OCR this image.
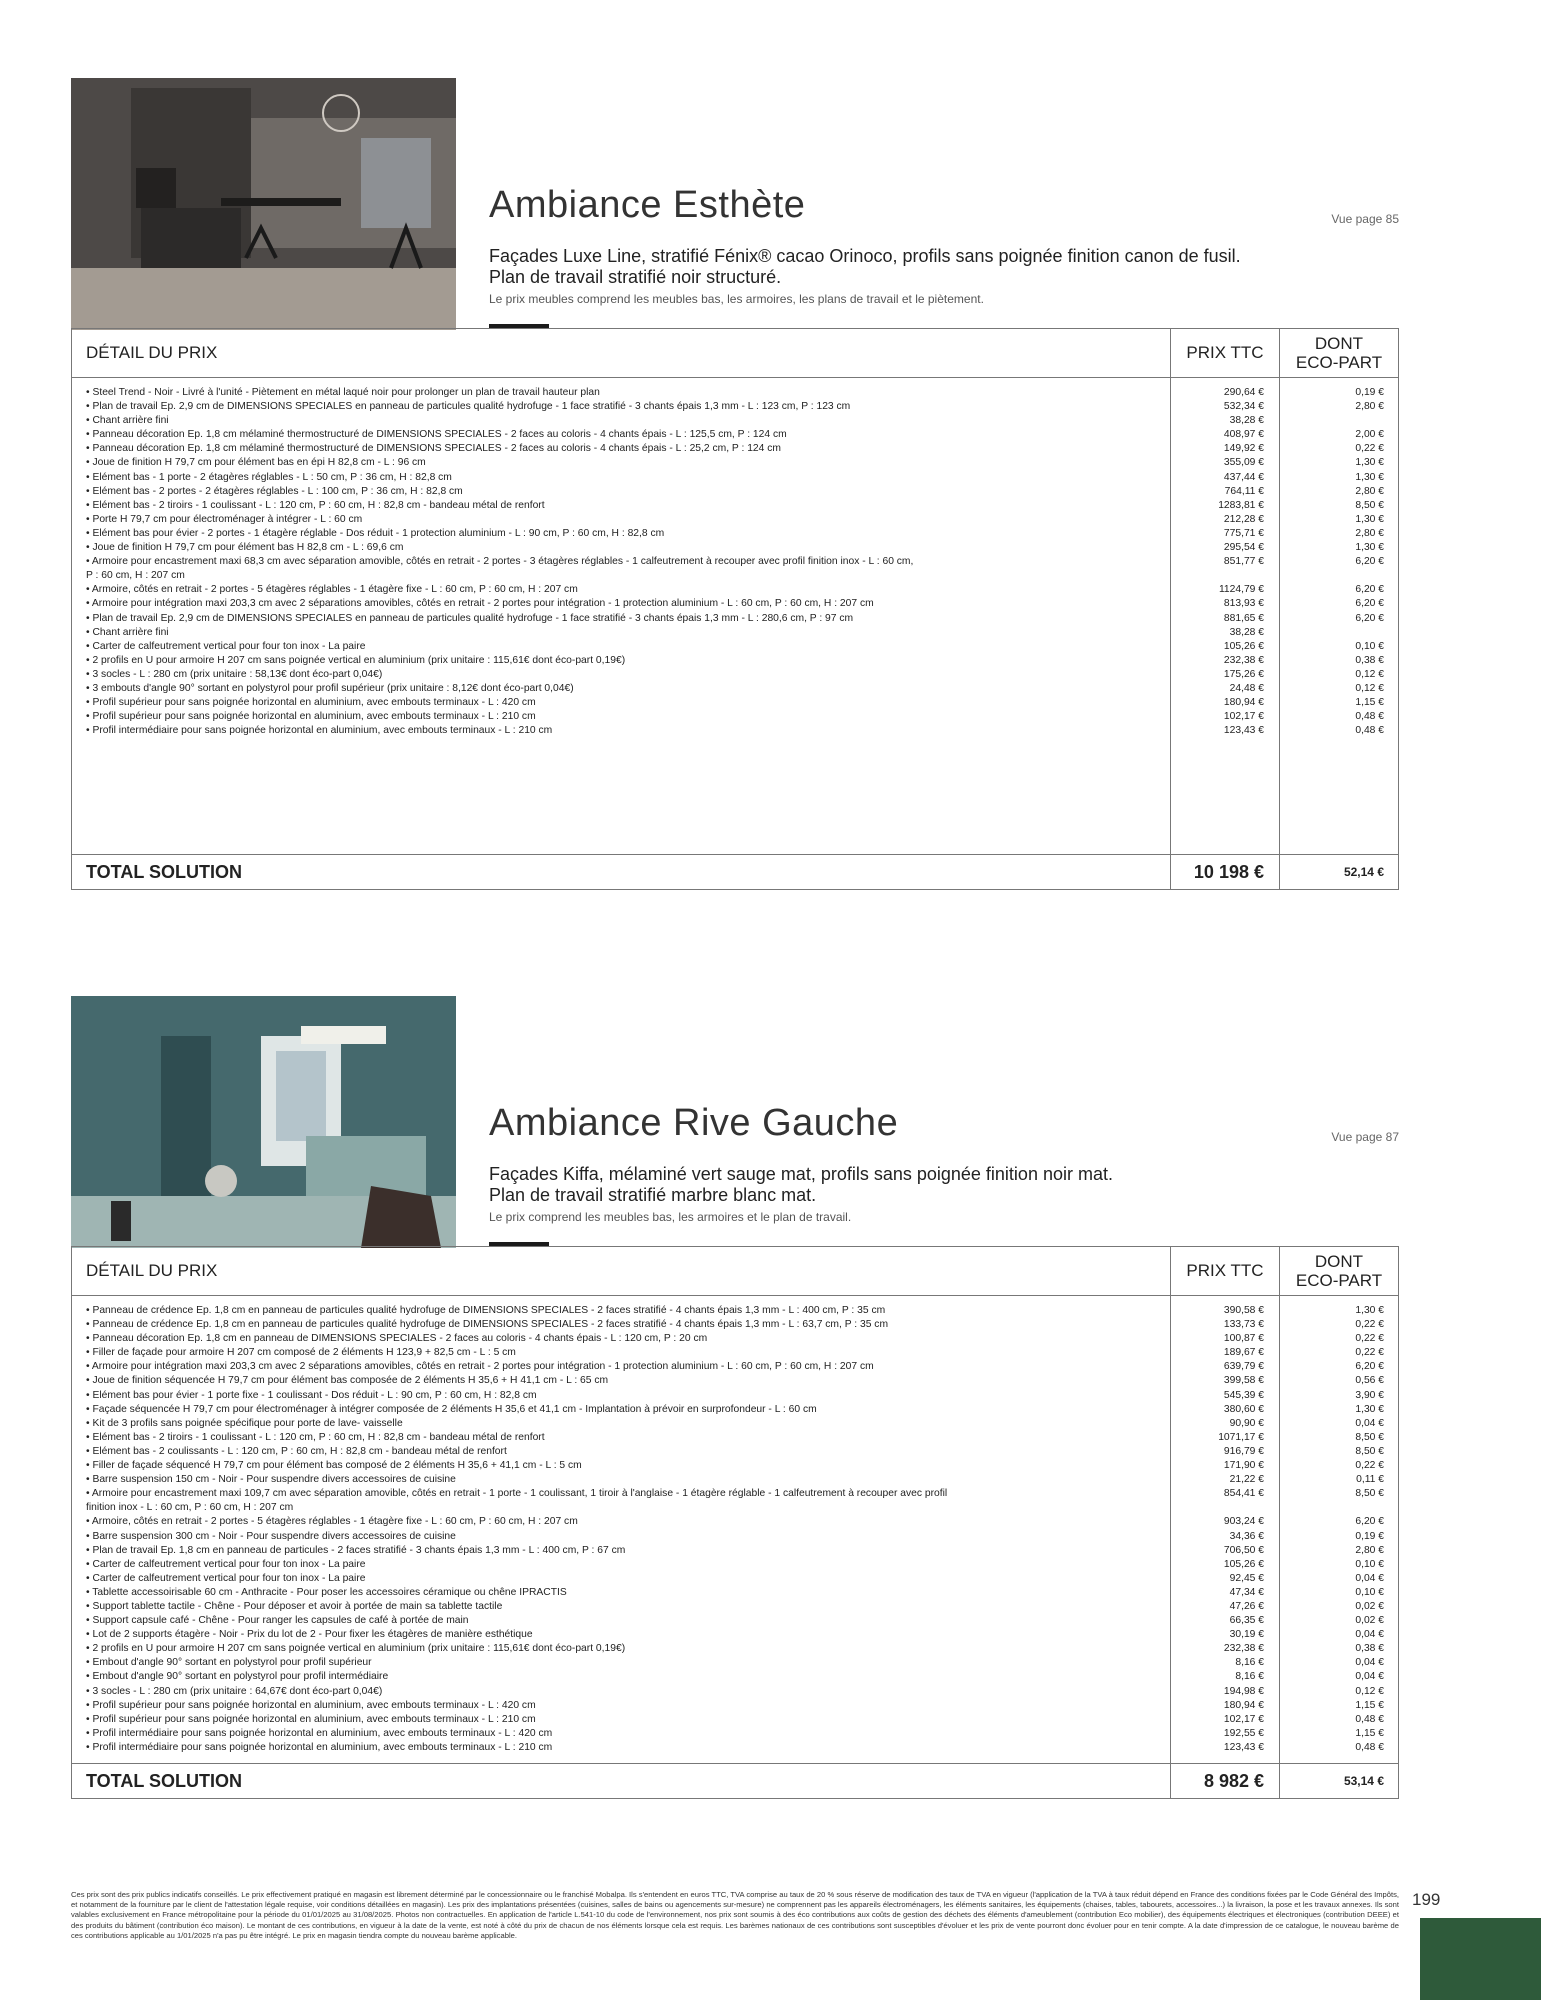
Ambiance Esthète	Vue page 85
Façades Luxe Line, stratifié Fénix® cacao Orinoco, profils sans poignée finition canon de fusil.
Plan de travail stratifié noir structuré.
Le prix meubles comprend les meubles bas, les armoires, les plans de travail et le piètement.
DÉTAIL DU PRIX	PRIX TTC	DONT
ECO-PART
• Steel Trend - Noir - Livré à l'unité - Piètement en métal laqué noir pour prolonger un plan de travail hauteur plan	290,64 €	0,19 €
• Plan de travail Ep. 2,9 cm de DIMENSIONS SPECIALES en panneau de particules qualité hydrofuge - 1 face stratifié - 3 chants épais 1,3 mm - L : 123 cm, P : 123 cm	532,34 €	2,80 €
• Chant arrière fini	38,28 €	
• Panneau décoration Ep. 1,8 cm mélaminé thermostructuré de DIMENSIONS SPECIALES - 2 faces au coloris - 4 chants épais - L : 125,5 cm, P : 124 cm	408,97 €	2,00 €
• Panneau décoration Ep. 1,8 cm mélaminé thermostructuré de DIMENSIONS SPECIALES - 2 faces au coloris - 4 chants épais - L : 25,2 cm, P : 124 cm	149,92 €	0,22 €
• Joue de finition H 79,7 cm pour élément bas en épi H 82,8 cm - L : 96 cm	355,09 €	1,30 €
• Elément bas - 1 porte - 2 étagères réglables - L : 50 cm, P : 36 cm, H : 82,8 cm	437,44 €	1,30 €
• Elément bas - 2 portes - 2 étagères réglables - L : 100 cm, P : 36 cm, H : 82,8 cm	764,11 €	2,80 €
• Elément bas - 2 tiroirs - 1 coulissant - L : 120 cm, P : 60 cm, H : 82,8 cm - bandeau métal de renfort	1283,81 €	8,50 €
• Porte H 79,7 cm pour électroménager à intégrer - L : 60 cm	212,28 €	1,30 €
• Elément bas pour évier - 2 portes - 1 étagère réglable - Dos réduit - 1 protection aluminium - L : 90 cm, P : 60 cm, H : 82,8 cm	775,71 €	2,80 €
• Joue de finition H 79,7 cm pour élément bas H 82,8 cm - L : 69,6 cm	295,54 €	1,30 €
• Armoire pour encastrement maxi 68,3 cm avec séparation amovible, côtés en retrait - 2 portes - 3 étagères réglables - 1 calfeutrement à recouper avec profil finition inox - L : 60 cm,	851,77 €	6,20 €
P : 60 cm, H : 207 cm		
• Armoire, côtés en retrait - 2 portes - 5 étagères réglables - 1 étagère fixe - L : 60 cm, P : 60 cm, H : 207 cm	1124,79 €	6,20 €
• Armoire pour intégration maxi 203,3 cm avec 2 séparations amovibles, côtés en retrait - 2 portes pour intégration - 1 protection aluminium - L : 60 cm, P : 60 cm, H : 207 cm	813,93 €	6,20 €
• Plan de travail Ep. 2,9 cm de DIMENSIONS SPECIALES en panneau de particules qualité hydrofuge - 1 face stratifié - 3 chants épais 1,3 mm - L : 280,6 cm, P : 97 cm	881,65 €	6,20 €
• Chant arrière fini	38,28 €	
• Carter de calfeutrement vertical pour four ton inox - La paire	105,26 €	0,10 €
• 2 profils en U pour armoire H 207 cm sans poignée vertical en aluminium (prix unitaire : 115,61€ dont éco-part 0,19€)	232,38 €	0,38 €
• 3 socles - L : 280 cm (prix unitaire : 58,13€ dont éco-part 0,04€)	175,26 €	0,12 €
• 3 embouts d'angle 90° sortant en polystyrol pour profil supérieur (prix unitaire : 8,12€ dont éco-part 0,04€)	24,48 €	0,12 €
• Profil supérieur pour sans poignée horizontal en aluminium, avec embouts terminaux - L : 420 cm	180,94 €	1,15 €
• Profil supérieur pour sans poignée horizontal en aluminium, avec embouts terminaux - L : 210 cm	102,17 €	0,48 €
• Profil intermédiaire pour sans poignée horizontal en aluminium, avec embouts terminaux - L : 210 cm	123,43 €	0,48 €

TOTAL SOLUTION	10 198 €	52,14 €
Ambiance Rive Gauche	Vue page 87
Façades Kiffa, mélaminé vert sauge mat, profils sans poignée finition noir mat.
Plan de travail stratifié marbre blanc mat.
Le prix comprend les meubles bas, les armoires et le plan de travail.
DÉTAIL DU PRIX	PRIX TTC	DONT
ECO-PART
• Panneau de crédence Ep. 1,8 cm en panneau de particules qualité hydrofuge de DIMENSIONS SPECIALES - 2 faces stratifié - 4 chants épais 1,3 mm - L : 400 cm, P : 35 cm	390,58 €	1,30 €
• Panneau de crédence Ep. 1,8 cm en panneau de particules qualité hydrofuge de DIMENSIONS SPECIALES - 2 faces stratifié - 4 chants épais 1,3 mm - L : 63,7 cm, P : 35 cm	133,73 €	0,22 €
• Panneau décoration Ep. 1,8 cm en panneau de DIMENSIONS SPECIALES - 2 faces au coloris - 4 chants épais - L : 120 cm, P : 20 cm	100,87 €	0,22 €
• Filler de façade pour armoire H 207 cm composé de 2 éléments H 123,9 + 82,5 cm - L : 5 cm	189,67 €	0,22 €
• Armoire pour intégration maxi 203,3 cm avec 2 séparations amovibles, côtés en retrait - 2 portes pour intégration - 1 protection aluminium - L : 60 cm, P : 60 cm, H : 207 cm	639,79 €	6,20 €
• Joue de finition séquencée H 79,7 cm pour élément bas composée de 2 éléments H 35,6 + H 41,1 cm - L : 65 cm	399,58 €	0,56 €
• Elément bas pour évier - 1 porte fixe - 1 coulissant - Dos réduit - L : 90 cm, P : 60 cm, H : 82,8 cm	545,39 €	3,90 €
• Façade séquencée H 79,7 cm pour électroménager à intégrer composée de 2 éléments H 35,6 et 41,1 cm - Implantation à prévoir en surprofondeur - L : 60 cm	380,60 €	1,30 €
• Kit de 3 profils sans poignée spécifique pour porte de lave- vaisselle	90,90 €	0,04 €
• Elément bas - 2 tiroirs - 1 coulissant - L : 120 cm, P : 60 cm, H : 82,8 cm - bandeau métal de renfort	1071,17 €	8,50 €
• Elément bas - 2 coulissants - L : 120 cm, P : 60 cm, H : 82,8 cm - bandeau métal de renfort	916,79 €	8,50 €
• Filler de façade séquencé H 79,7 cm pour élément bas composé de 2 éléments H 35,6 + 41,1 cm - L : 5 cm	171,90 €	0,22 €
• Barre suspension 150 cm - Noir - Pour suspendre divers accessoires de cuisine	21,22 €	0,11 €
• Armoire pour encastrement maxi 109,7 cm avec séparation amovible, côtés en retrait - 1 porte - 1 coulissant, 1 tiroir à l'anglaise - 1 étagère réglable - 1 calfeutrement à recouper avec profil	854,41 €	8,50 €
finition inox - L : 60 cm, P : 60 cm, H : 207 cm		
• Armoire, côtés en retrait - 2 portes - 5 étagères réglables - 1 étagère fixe - L : 60 cm, P : 60 cm, H : 207 cm	903,24 €	6,20 €
• Barre suspension 300 cm - Noir - Pour suspendre divers accessoires de cuisine	34,36 €	0,19 €
• Plan de travail Ep. 1,8 cm en panneau de particules - 2 faces stratifié - 3 chants épais 1,3 mm - L : 400 cm, P : 67 cm	706,50 €	2,80 €
• Carter de calfeutrement vertical pour four ton inox - La paire	105,26 €	0,10 €
• Carter de calfeutrement vertical pour four ton inox - La paire	92,45 €	0,04 €
• Tablette accessoirisable 60 cm - Anthracite - Pour poser les accessoires céramique ou chêne IPRACTIS	47,34 €	0,10 €
• Support tablette tactile - Chêne - Pour déposer et avoir à portée de main sa tablette tactile	47,26 €	0,02 €
• Support capsule café - Chêne - Pour ranger les capsules de café à portée de main	66,35 €	0,02 €
• Lot de 2 supports étagère - Noir - Prix du lot de 2 - Pour fixer les étagères de manière esthétique	30,19 €	0,04 €
• 2 profils en U pour armoire H 207 cm sans poignée vertical en aluminium (prix unitaire : 115,61€ dont éco-part 0,19€)	232,38 €	0,38 €
• Embout d'angle 90° sortant en polystyrol pour profil supérieur	8,16 €	0,04 €
• Embout d'angle 90° sortant en polystyrol pour profil intermédiaire	8,16 €	0,04 €
• 3 socles - L : 280 cm (prix unitaire : 64,67€ dont éco-part 0,04€)	194,98 €	0,12 €
• Profil supérieur pour sans poignée horizontal en aluminium, avec embouts terminaux - L : 420 cm	180,94 €	1,15 €
• Profil supérieur pour sans poignée horizontal en aluminium, avec embouts terminaux - L : 210 cm	102,17 €	0,48 €
• Profil intermédiaire pour sans poignée horizontal en aluminium, avec embouts terminaux - L : 420 cm	192,55 €	1,15 €
• Profil intermédiaire pour sans poignée horizontal en aluminium, avec embouts terminaux - L : 210 cm	123,43 €	0,48 €

TOTAL SOLUTION	8 982 €	53,14 €
Ces prix sont des prix publics indicatifs conseillés. Le prix effectivement pratiqué en magasin est librement déterminé par le concessionnaire ou le franchisé Mobalpa. Ils s'entendent en euros TTC, TVA comprise au taux de 20 % sous réserve de modification des taux de TVA en vigueur (l'application de la TVA à taux réduit dépend en France des conditions fixées par le Code Général des Impôts, et notamment de la fourniture par le client de l'attestation légale requise, voir conditions détaillées en magasin). Les prix des implantations présentées (cuisines, salles de bains ou agencements sur-mesure) ne comprennent pas les appareils électroménagers, les éléments sanitaires, les équipements (chaises, tables, tabourets, accessoires...) la livraison, la pose et les travaux annexes. Ils sont valables exclusivement en France métropolitaine pour la période du 01/01/2025 au 31/08/2025. Photos non contractuelles. En application de l'article L.541-10 du code de l'environnement, nos prix sont soumis à des éco contributions aux coûts de gestion des déchets des éléments d'ameublement (contribution Eco mobilier), des équipements électriques et électroniques (contribution DEEE) et des produits du bâtiment (contribution éco maison). Le montant de ces contributions, en vigueur à la date de la vente, est noté à côté du prix de chacun de nos éléments lorsque cela est requis. Les barèmes nationaux de ces contributions sont susceptibles d'évoluer et les prix de vente pourront donc évoluer pour en tenir compte. A la date d'impression de ce catalogue, le nouveau barème de ces contributions applicable au 1/01/2025 n'a pas pu être intégré. Le prix en magasin tiendra compte du nouveau barème applicable.
199
